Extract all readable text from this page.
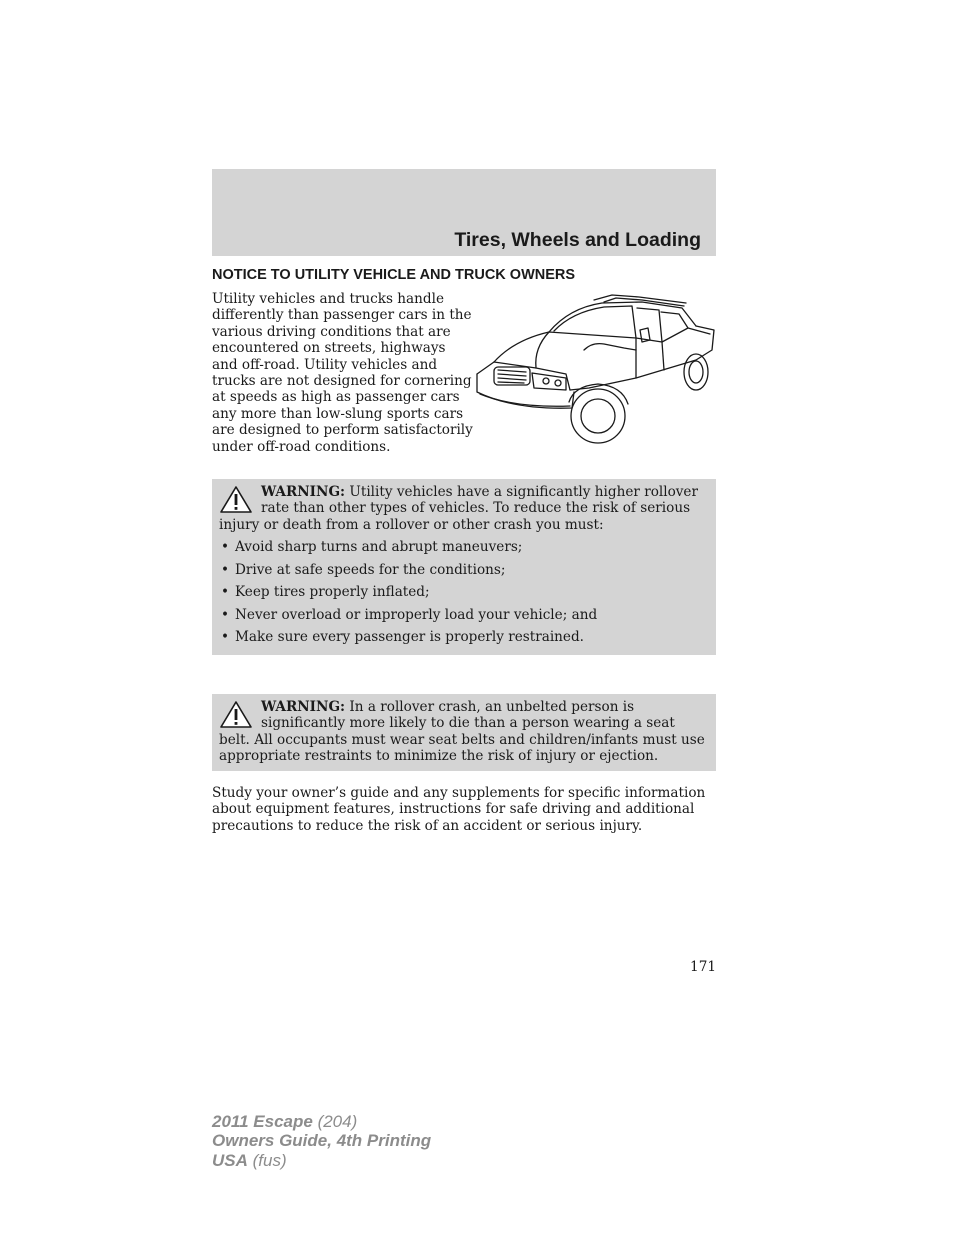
Tires, Wheels and Loading
NOTICE TO UTILITY VEHICLE AND TRUCK OWNERS

Utility vehicles and trucks handle differently than passenger cars in the various driving conditions that are encountered on streets, highways and off-road. Utility vehicles and trucks are not designed for cornering at speeds as high as passenger cars any more than low-slung sports cars are designed to perform satisfactorily under off-road conditions.

WARNING: Utility vehicles have a significantly higher rollover rate than other types of vehicles. To reduce the risk of serious injury or death from a rollover or other crash you must:

• Avoid sharp turns and abrupt maneuvers;
• Drive at safe speeds for the conditions;
• Keep tires properly inflated;
• Never overload or improperly load your vehicle; and
• Make sure every passenger is properly restrained.

WARNING: In a rollover crash, an unbelted person is significantly more likely to die than a person wearing a seat belt. All occupants must wear seat belts and children/infants must use appropriate restraints to minimize the risk of injury or ejection.

Study your owner’s guide and any supplements for specific information about equipment features, instructions for safe driving and additional precautions to reduce the risk of an accident or serious injury.

171
2011 Escape (204)
Owners Guide, 4th Printing
USA (fus)
